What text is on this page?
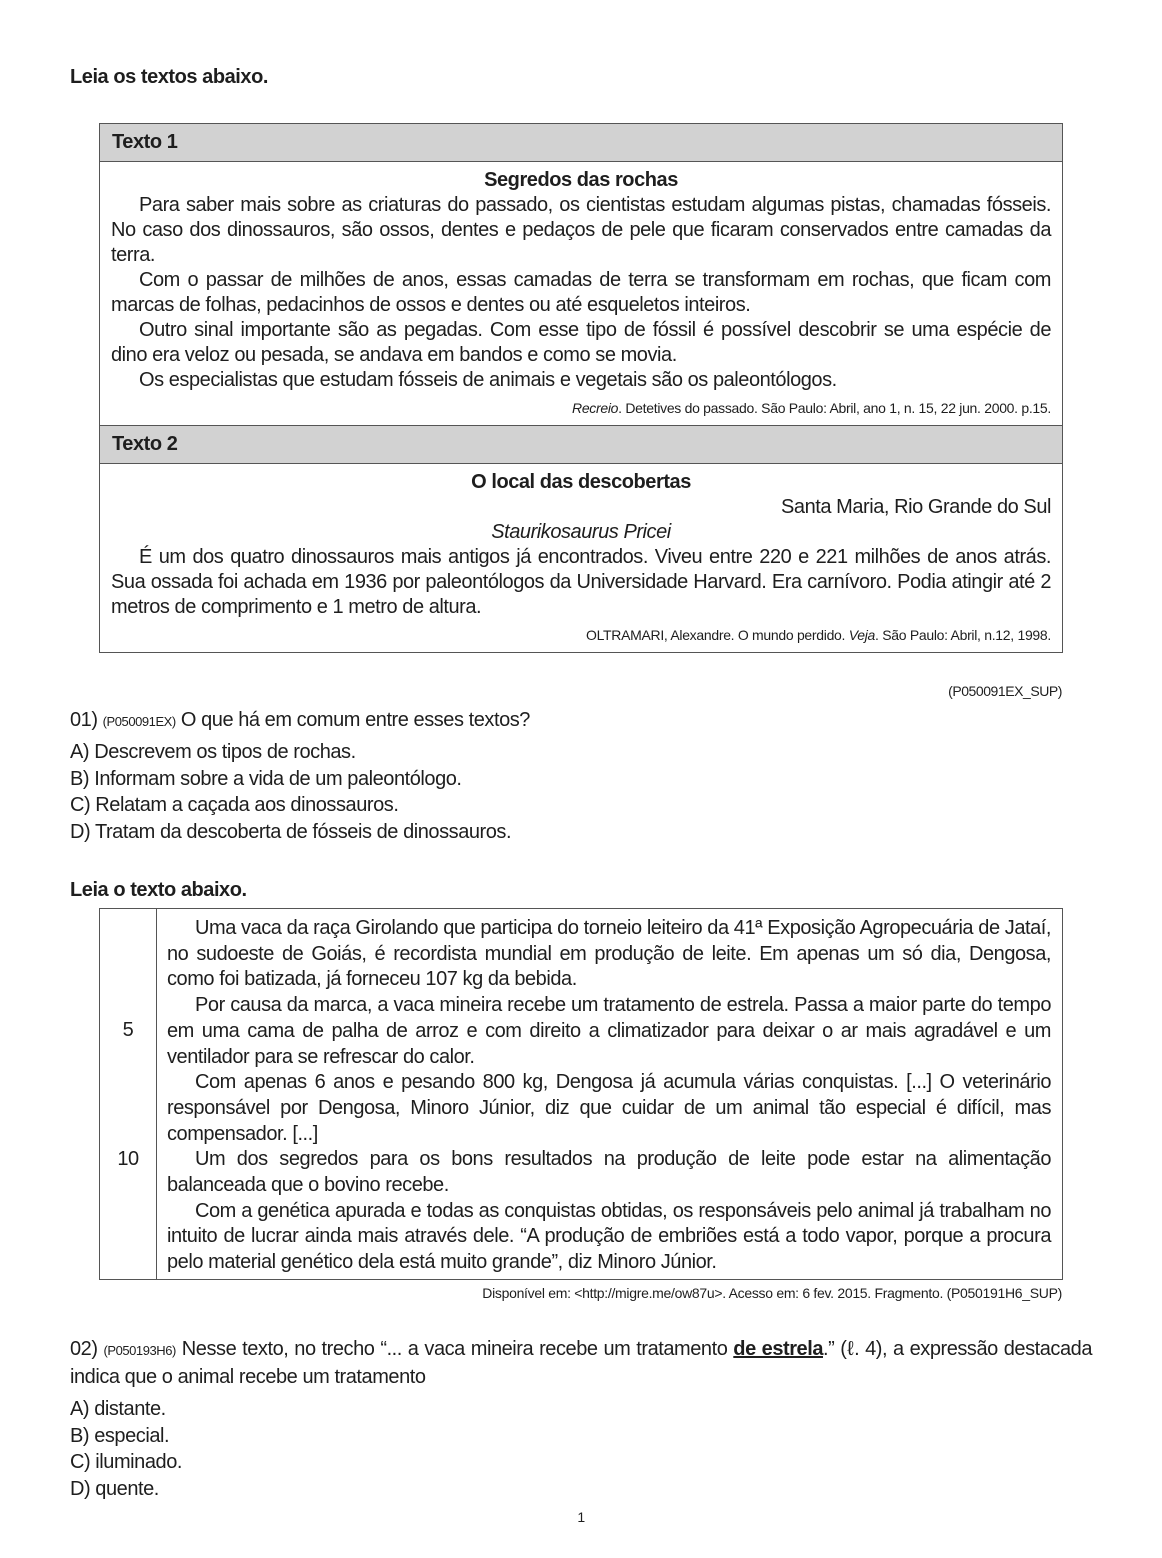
Leia os textos abaixo.
Texto 1
Segredos das rochas

Para saber mais sobre as criaturas do passado, os cientistas estudam algumas pistas, chamadas fósseis. No caso dos dinossauros, são ossos, dentes e pedaços de pele que ficaram conservados entre camadas da terra.

Com o passar de milhões de anos, essas camadas de terra se transformam em rochas, que ficam com marcas de folhas, pedacinhos de ossos e dentes ou até esqueletos inteiros.

Outro sinal importante são as pegadas. Com esse tipo de fóssil é possível descobrir se uma espécie de dino era veloz ou pesada, se andava em bandos e como se movia.

Os especialistas que estudam fósseis de animais e vegetais são os paleontólogos.

Recreio. Detetives do passado. São Paulo: Abril, ano 1, n. 15, 22 jun. 2000. p.15.
Texto 2
O local das descobertas
Santa Maria, Rio Grande do Sul
Staurikosaurus Pricei

É um dos quatro dinossauros mais antigos já encontrados. Viveu entre 220 e 221 milhões de anos atrás. Sua ossada foi achada em 1936 por paleontólogos da Universidade Harvard. Era carnívoro. Podia atingir até 2 metros de comprimento e 1 metro de altura.

OLTRAMARI, Alexandre. O mundo perdido. Veja. São Paulo: Abril, n.12, 1998.
(P050091EX_SUP)
01) (P050091EX) O que há em comum entre esses textos?
A) Descrevem os tipos de rochas.
B) Informam sobre a vida de um paleontólogo.
C) Relatam a caçada aos dinossauros.
D) Tratam da descoberta de fósseis de dinossauros.
Leia o texto abaixo.
5
10

Uma vaca da raça Girolando que participa do torneio leiteiro da 41ª Exposição Agropecuária de Jataí, no sudoeste de Goiás, é recordista mundial em produção de leite. Em apenas um só dia, Dengosa, como foi batizada, já forneceu 107 kg da bebida.

Por causa da marca, a vaca mineira recebe um tratamento de estrela. Passa a maior parte do tempo em uma cama de palha de arroz e com direito a climatizador para deixar o ar mais agradável e um ventilador para se refrescar do calor.

Com apenas 6 anos e pesando 800 kg, Dengosa já acumula várias conquistas. [...] O veterinário responsável por Dengosa, Minoro Júnior, diz que cuidar de um animal tão especial é difícil, mas compensador. [...]

Um dos segredos para os bons resultados na produção de leite pode estar na alimentação balanceada que o bovino recebe.

Com a genética apurada e todas as conquistas obtidas, os responsáveis pelo animal já trabalham no intuito de lucrar ainda mais através dele. “A produção de embriões está a todo vapor, porque a procura pelo material genético dela está muito grande”, diz Minoro Júnior.

Disponível em: <http://migre.me/ow87u>. Acesso em: 6 fev. 2015. Fragmento. (P050191H6_SUP)
02) (P050193H6) Nesse texto, no trecho “... a vaca mineira recebe um tratamento de estrela.” (ℓ. 4), a expressão destacada indica que o animal recebe um tratamento
A) distante.
B) especial.
C) iluminado.
D) quente.
1
